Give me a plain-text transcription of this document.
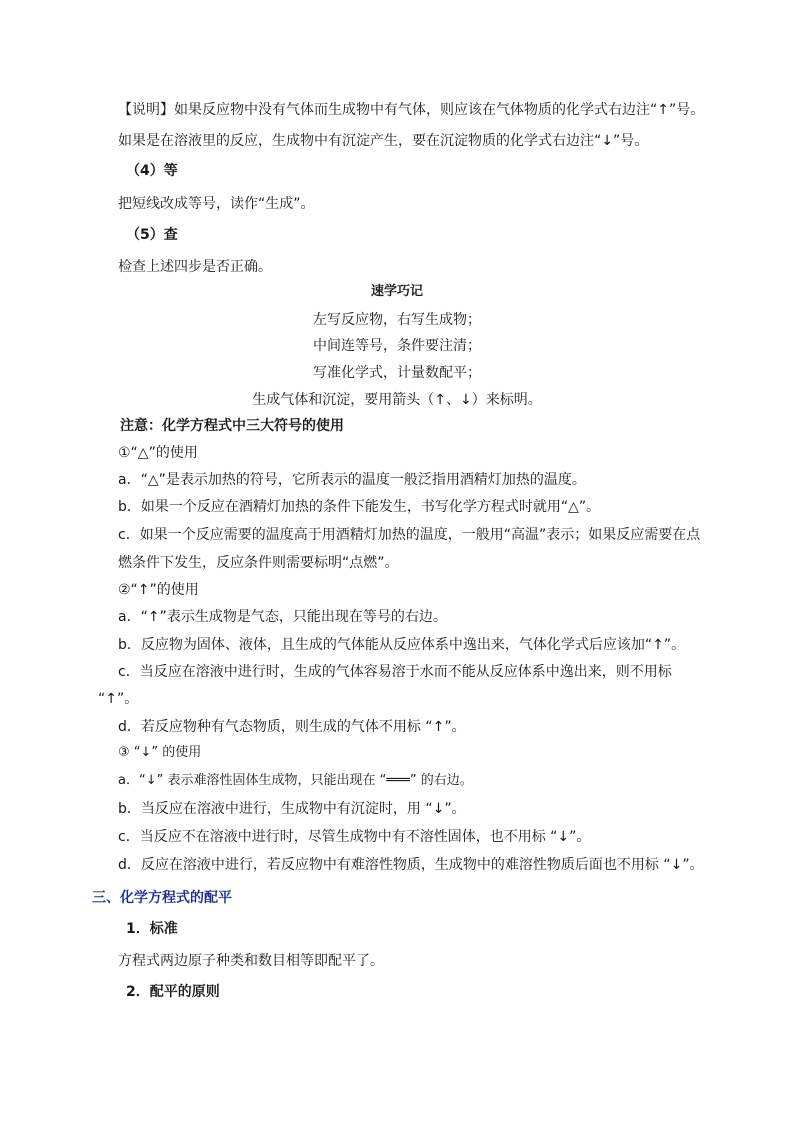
【说明】如果反应物中没有气体而生成物中有气体，则应该在气体物质的化学式右边注“↑”号。
如果是在溶液里的反应，生成物中有沉淀产生，要在沉淀物质的化学式右边注“↓”号。
（4）等
把短线改成等号，读作“生成”。
（5）查
检查上述四步是否正确。
速学巧记
左写反应物，右写生成物；
中间连等号，条件要注清；
写准化学式，计量数配平；
生成气体和沉淀，要用箭头（↑、↓）来标明。
注意：化学方程式中三大符号的使用
①“△”的使用
a．“△”是表示加热的符号，它所表示的温度一般泛指用酒精灯加热的温度。
b．如果一个反应在酒精灯加热的条件下能发生，书写化学方程式时就用“△”。
c．如果一个反应需要的温度高于用酒精灯加热的温度，一般用“高温”表示；如果反应需要在点
燃条件下发生，反应条件则需要标明“点燃”。
②“↑”的使用
a．“↑”表示生成物是气态，只能出现在等号的右边。
b．反应物为固体、液体，且生成的气体能从反应体系中逸出来，气体化学式后应该加“↑”。
c．当反应在溶液中进行时，生成的气体容易溶于水而不能从反应体系中逸出来，则不用标
“↑”。
d．若反应物种有气态物质，则生成的气体不用标 “↑”。
③ “↓” 的使用
a．“↓” 表示难溶性固体生成物，只能出现在 “═══” 的右边。
b．当反应在溶液中进行，生成物中有沉淀时，用 “↓”。
c．当反应不在溶液中进行时，尽管生成物中有不溶性固体，也不用标 “↓”。
d．反应在溶液中进行，若反应物中有难溶性物质，生成物中的难溶性物质后面也不用标 “↓”。
三、化学方程式的配平
1．标准
方程式两边原子种类和数目相等即配平了。
2．配平的原则
